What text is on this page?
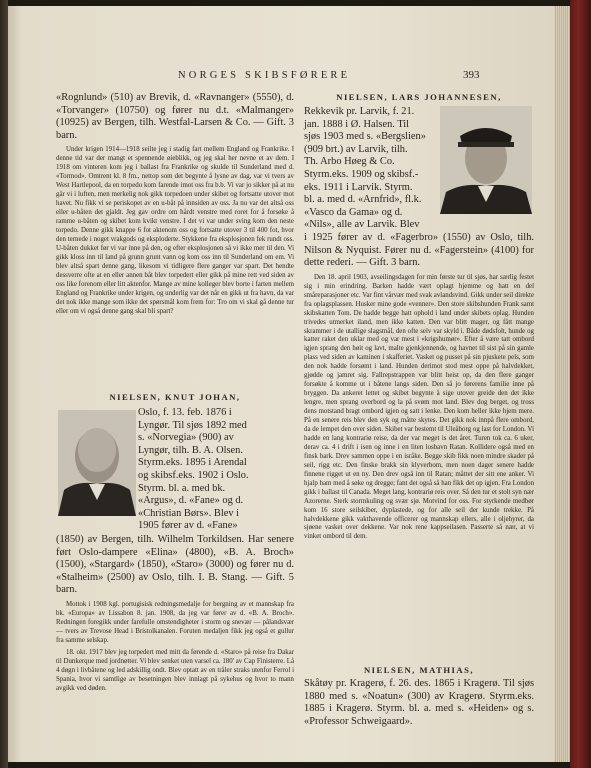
NORGES SKIBSFØRERE	393

«Rognlund» (510) av Brevik, d. «Ravnanger» (5550), d. «Torvanger» (10750) og fører nu d.t. «Malmanger» (10925) av Bergen, tilh. Westfal-Larsen & Co. — Gift. 3 barn.

Under krigen 1914—1918 seilte jeg i stadig fart mellem England og Frankrike. I denne tid var der mangt et spennende øieblikk, og jeg skal her nevne et av dem. I 1918 om vinteren kom jeg i ballast fra Frankrike og skulde til Sunderland med d. «Tormod». Omtrent kl. 8 fm., nettop som det begynte å lysne av dag, var vi tvers av West Hartlepool, da en torpedo kom farende imot oss fra b.b. Vi var jo sikker på at nu går vi i luften, men merkelig nok gikk torpedoen under skibet og fortsatte utover mot havet. Nu fikk vi se periskopet av en u-båt på innsiden av oss. Ja nu var det altså oss eller u-båten det gjaldt. Jeg gav ordre om hårdt venstre med roret for å forsøke å ramme u-båten og skibet kom kvikt venstre. I det vi var under sving kom den neste torpedo. Denne gikk knappe 6 fot aktenom oss og fortsatte utover 3 til 400 fot, hvor den ternede i noget vrakgods og eksploderte. Stykkene fra eksplosjonen fek rundt oss. U-båten dukket før vi var inne på den, og efter eksplosjonen så vi ikke mer til den. Vi gikk kloss inn til land på grunn grunt vann og kom oss inn til Sunderland om em. Vi blev altså spart denne gang, likesom vi tidligere flere ganger var spart. Det hendte dessverre ofte at en eller annen båt blev torpedert eller gikk på mine rett ved siden av oss like forenom eller litt aktenfor. Mange av mine kolleger blev borte i farten mellem England og Frankrike under krigen, og underlig var det når en gikk ut fra havn, da var det nok ikke mange som ikke det spørsmål kom frem for: Tro om vi skal gå denne tur eller om vi også denne gang skal bli spart?

NIELSEN, KNUT JOHAN,

Oslo, f. 13. feb. 1876 i

Lyngør. Til sjøs 1892 med

s. «Norvegia» (900) av

Lyngør, tilh. B. A. Olsen.

Styrm.eks. 1895 i Arendal

og skibsf.eks. 1902 i Oslo.

Styrm. bl. a. med bk.

«Argus», d. «Fane» og d.

«Christian Børs». Blev i

1905 fører av d. «Fane»

(1850) av Bergen, tilh. Wilhelm Torkildsen. Har senere ført Oslo-dampere «Elina» (4800), «B. A. Broch» (1500), «Stargard» (1850), «Staro» (3000) og fører nu d. «Stalheim» (2500) av Oslo, tilh. I. B. Stang. — Gift. 5 barn.

Mottok i 1908 kgl. portugisisk redningsmedalje for bergning av et mannskap fra bk. «Europa» av Lissabon 8. jan. 1908, da jeg var fører av d. «B. A. Broch». Redningen foregikk under farefulle omstendigheter i storm og snevær — pålandsvær — tvers av Trevose Head i Bristolkanalen. Foruten medaljen fikk jeg også et gullur fra samme selskap.

18. okt. 1917 blev jeg torpedert med mitt da førende d. «Staro» på reise fra Dakar til Dunkerque med jordnøtter. Vi blev senket uten varsel ca. 180' av Cap Finisterre. Lå 4 døgn i livbåtene og led adskillig ondt. Blev optatt av en tråler straks utenfor Ferrol i Spania, hvor vi samtlige av besetningen blev innlagt på sykehus og hvor to mann avgikk ved døden.

NIELSEN, LARS JOHANNESEN,

Rekkevik pr. Larvik, f. 21.

jan. 1888 i Ø. Halsen. Til

sjøs 1903 med s. «Bergslien»

(909 brt.) av Larvik, tilh.

Th. Arbo Høeg & Co.

Styrm.eks. 1909 og skibsf.-

eks. 1911 i Larvik. Styrm.

bl. a. med d. «Arnfrid», fl.k.

«Vasco da Gama» og d.

«Nils», alle av Larvik. Blev

i 1925 fører av d. «Fagerbro» (1550) av Oslo, tilh. Nilson & Nyquist. Fører nu d. «Fagerstein» (4100) for dette rederi. — Gift. 3 barn.

Den 18. april 1903, avseilingsdagen for min første tur til sjøs, har særlig festet sig i min erindring. Barken hadde vært oplagt hjemme og hatt en del småreparasjoner etc. Var fint vårvær med svak avlandsvind. Gikk under seil direkte fra oplagsplassen. Husker mine gode «venner». Den store skibshunden Frank samt skibskatten Tom. De hadde begge hatt ophold i land under skibets oplag. Hunden trivedes utmerket iland, men ikke katten. Den var blitt mager, og fått mange skrammer i de utallige slagsmål, den ofte selv var skyld i. Både dødsfolt, hunde og katter raket den uklar med og var mest i «krigshumør». Efter å være tatt ombord igjen sprang den høit og lavt, malte gjenkjennende, og havnet til sist på sin gamle plass ved siden av kaminen i skafferiet. Vasket og pusset på sin pjuskete pels, som den nok hadde forsømt i land. Hunden derimot stod mest oppe på halvdekket, gjødde og jamret sig. Fallrepstrappen var blitt heist op, da den flere ganger forsøkte å komme ut i båtene langs siden. Den så jo førerens familie inne på bryggen. Da ankeret lettet og skibet begynte å sige utover greide den det ikke lengre, men sprang overbord og la på svøm mot land. Blev dog berget, og tross dens motstand bragt ombord igjen og satt i lenke. Den kom heller ikke hjem mere. På en senere reis blev den syk og måtte skytes. Det gikk nok innpå flere ombord, da de lempet den over siden. Skibet var bestemt til Uleåborg og last for London. Vi hadde en lang kontrariø reise, da der var meget is det året. Turen tok ca. 6 uker, derav ca. 4 i drift i isen og inne i en liten losbavn Ratan. Kollidere også med en finsk bark. Drev sammen oppe i en isråke. Begge skib fikk noen mindre skader på seil, rigg etc. Den finske brakk sin klyverbom, men noen dager senere hadde finnene rigget ut en ny. Den drev også inn til Ratan; måttet der sitt ene anker. Vi hjalp ham med å søke og dregge; fant det også så han fikk det op igjen. Fra London gikk i ballast til Canada. Meget lang, kontrariø reis over. Så den tur et stolt syn nær Azorerne. Sterk stormkuling og svær sjø. Motvind for oss. For styrkende medbør kom 16 store seilskiber, dyplastede, og for alle seil der kunde trekke. På halvdekkene gikk vakthavende officerer og mannskap ellers, alle i oljehyrer, da sjøene vasket over dekkene. Var nok rene kappseilasen. Passerte så nær, at vi vinket ombord til dem.

NIELSEN, MATHIAS,

Skåtøy pr. Kragerø, f. 26. des. 1865 i Kragerø. Til sjøs 1880 med s. «Noatun» (300) av Kragerø. Styrm.eks. 1885 i Kragerø. Styrm. bl. a. med s. «Heiden» og s. «Professor Schweigaard».
